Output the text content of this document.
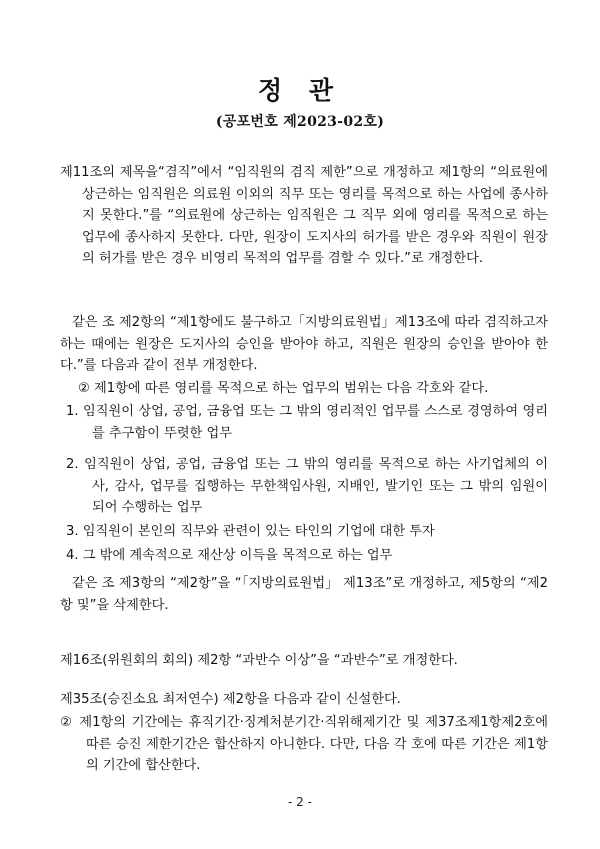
정 관
(공포번호 제2023-02호)

제11조의 제목을“겸직”에서 “임직원의 겸직 제한”으로 개정하고 제1항의 “의료원에 상근하는 임직원은 의료원 이외의 직무 또는 영리를 목적으로 하는 사업에 종사하지 못한다.”를 “의료원에 상근하는 임직원은 그 직무 외에 영리를 목적으로 하는 업무에 종사하지 못한다. 다만, 원장이 도지사의 허가를 받은 경우와 직원이 원장의 허가를 받은 경우 비영리 목적의 업무를 겸할 수 있다.”로 개정한다.

같은 조 제2항의 “제1항에도 불구하고「지방의료원법」제13조에 따라 겸직하고자 하는 때에는 원장은 도지사의 승인을 받아야 하고, 직원은 원장의 승인을 받아야 한다.”를 다음과 같이 전부 개정한다.

② 제1항에 따른 영리를 목적으로 하는 업무의 범위는 다음 각호와 같다.

1. 임직원이 상업, 공업, 금융업 또는 그 밖의 영리적인 업무를 스스로 경영하여 영리를 추구함이 뚜렷한 업무

2. 임직원이 상업, 공업, 금융업 또는 그 밖의 영리를 목적으로 하는 사기업체의 이사, 감사, 업무를 집행하는 무한책임사원, 지배인, 발기인 또는 그 밖의 임원이 되어 수행하는 업무

3. 임직원이 본인의 직무와 관련이 있는 타인의 기업에 대한 투자

4. 그 밖에 계속적으로 재산상 이득을 목적으로 하는 업무

같은 조 제3항의 “제2항”을 “「지방의료원법」 제13조”로 개정하고, 제5항의 “제2항 및”을 삭제한다.

제16조(위원회의 회의) 제2항 “과반수 이상”을 “과반수”로 개정한다.

제35조(승진소요 최저연수) 제2항을 다음과 같이 신설한다.

② 제1항의 기간에는 휴직기간·징계처분기간·직위해제기간 및 제37조제1항제2호에 따른 승진 제한기간은 합산하지 아니한다. 다만, 다음 각 호에 따른 기간은 제1항의 기간에 합산한다.

- 2 -
